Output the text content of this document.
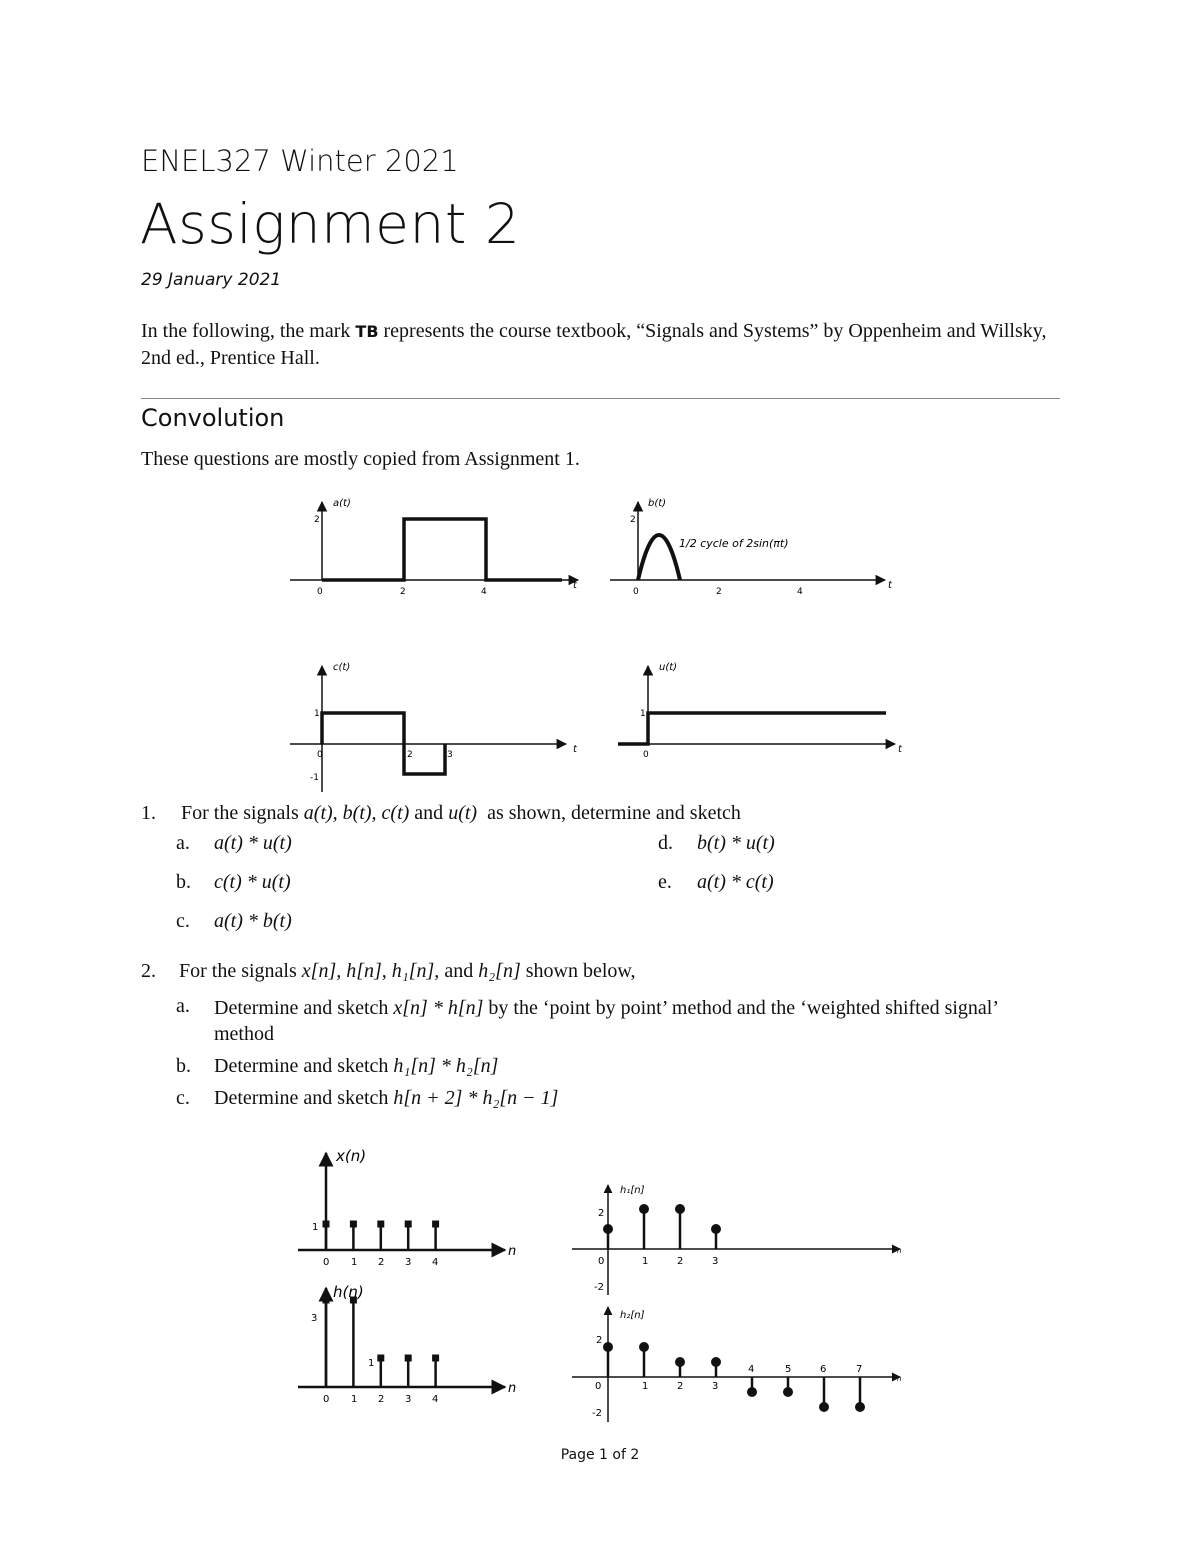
ENEL327 Winter 2021
Assignment 2
29 January 2021
In the following, the mark TB represents the course textbook, “Signals and Systems” by Oppenheim and Willsky, 2nd ed., Prentice Hall.
Convolution
These questions are mostly copied from Assignment 1.
a(t)
2
0	2	4
t
b(t)
2
1/2 cycle of 2sin(πt)
0	2	4
t
c(t)
1
-1
0	2	3	t
u(t)
1
0	t
1. For the signals a(t), b(t), c(t) and u(t)  as shown, determine and sketch
a. a(t) * u(t)
b. c(t) * u(t)
c. a(t) * b(t)
d. b(t) * u(t)
e. a(t) * c(t)
2. For the signals x[n], h[n], h₁[n], and h₂[n] shown below,
a. Determine and sketch x[n] * h[n] by the ‘point by point’ method and the ‘weighted shifted signal’ method
b. Determine and sketch h₁[n] * h₂[n]
c. Determine and sketch h[n + 2] * h₂[n − 1]
x(n)
1
0 1 2 3 4
n
h(n)
3
1
0 1 2 3 4
n
h₁[n]
2
-2
0	1	2	3
n
h₂[n]
2
-2
0	1	2	3
4	5	6	7
n
Page 1 of 2
